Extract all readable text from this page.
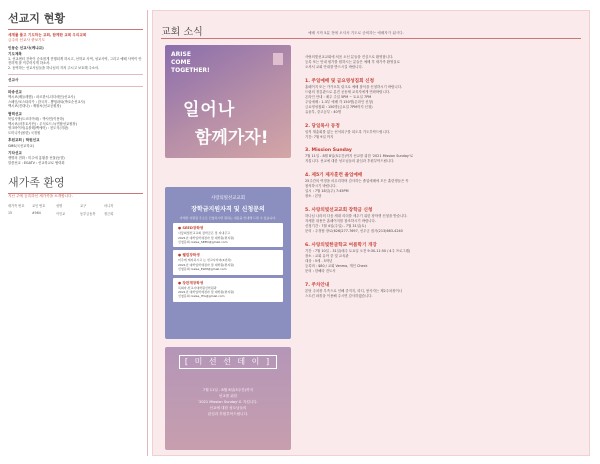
선교지 현황
세계를 품고 기도하는 교회, 함께한 교회 우리교회
금주의 선교사 중보기도
인동순 선교사(케냐교)
기도제목
1. 선교센터 건축이 순조롭게 진행되게 하시고, 선학교 사역, 성교사역, 그리고 예배 사역이 안전하게 잘 이루어지게 하소서.
2. 동역하는 선교사님들을 하나님의 지켜 주시고 보호해 주소서.
선교사
파송선교
멕시코(베들레헴) : 파르한서-더더메인(선교사)
스페인/코스타리카 : 한국자 - 뽑힘파타(박호순선교사)
멕시코(진대나) : 제원씨(선교공원장)
협력선교
북일사방(트르미아네) : 박사민(이용하)
멕시코(마후토사단) : 우식로드스(연합선교원장)
영크바이어(유몰레/백에어) : 천도식(지판)
도미니카(몰한) 국정원
후원교회 | 학원선교
GMS(국선교학교)
기타선교
생명의 전화 : 미주에 흥황을 선물(동향)
말씀선교 : EGATV : 선교학교로 협력회
새가족 환영
지난 주에 등록하신 새가족을 소개합니다.
새가족 번호	교인 번호	성명	교구	마니저
15	#964	이인교	동부금동북	정근희
교회 소식	예배 시작 5분 전에 오셔서 기도로 준비하는 예배자가 됩시다.
ARISE
COME
TOGETHER!
일어나
함께가자!
사랑의빛선교교회
장학금지원자격 및 신청문의
자세한 지원팀 주소로 신청하시면 원하는 내용을 안내해 드릴 수 있습니다.
● SEED장학생
사랑의빛선교교회 장학금은 및 지내주고
2021년 대학입학예정자 및 대학원(편지원)
신청문의: kalse_SEED@gmail.com
● 웰림장학생
미주에 계지하시고 는 선교사자녀(4년차)
2021년 대학입학예정자 및 대학원(편지원)
신청문의: kalse_ELIM@gmail.com
● 장판계장학생
목회자,선교사대학원신학원과
2021년 대학입학예정자 및 대학원(편지원)
신청문의: kalse_ITG@gmail.com
[ 미 선 선 데 이 ]
7월 11일 - 8월 8일(5주간)까지
선교를 위한
'2021 Mission Sunday'로 지킵니다.
선교에 대한 성도님들의
관심과 후원부탁드립니다.
사랑의빛선교교회에 처음 오신 분들을 진심으로 환영합니다.
등록 또는 안내 원가를 원하시는 분들은 예배 후 새가족 환영실로
오셔서 교회 안내를 받으시길 바랍니다.
1. 주일예배 및 금요영성집회 신청
홈페이지 또는 카카오톡 링크로 예배 참석을 신청하시기 바랍니다.
드림의 정김관으로 분전 공동체 교육자에게 연락바랍니다.
온라인 안내 : 매주 주일 5PM ~ 토요일 7PM
주일예배 : 1-3부 예배 각 150명(온라인 신청)
금요영성집회 : 150명(금요일 7PM까지 신청)
유웅부, 중고등부 : 40명
2. 당일목사 동정
임직 재총회를 없는 선석되구를 되도록 기도부탁드립니다.
기간: 7월 9일 까지
3. Mission Sunday
7월 11일 - 8월 8일(5주간)까지 선교를 위한 '2021 Mission Sunday'로
지킵니다. 선교에 대한 성도님들의 관심과 후원부탁드립니다.
4. 제5기 제자훈련 졸업예배
25주간의 여정을 마무리하며 감사하는 졸업예배에 모든 훈련생들은 꼭
참석하시기 바랍니다.
일시 : 7월 18일(주) 7:45PM
장소 : 본당
5. 사랑의빛선교교회 장학금 신청
하나님 나라의 다음 세대 리더를 세우기 위한 장학생 신청을 받습니다.
자세한 내용은 홈페이지를 참조하시기 바랍니다.
신청기간 : 7월 4일(주일) - 7월 31일(토)
문의 : 주정팀 장로(626)277-7697, 선우군 집사(213)663-4240
6. 사랑의빛한글학교 여름학기 개강
기간 : 7월 10일 - 31일(매주 토요일 오전 9:30-11:50 / 4주 프로그램)
장소 : 교회 유아 중 및 교육관
대상 : 5세 - 5학년
등록비 : $80 / 교회 Venmo, 개인 Check
문의 : 한해라 전도사
7. 주차안내
본당 주차장 부족으로 인해 중지지, 라디, 봉사자는 제2주차장이나
스트킨 파킹을 이용해 주시면 감사하겠습니다.
